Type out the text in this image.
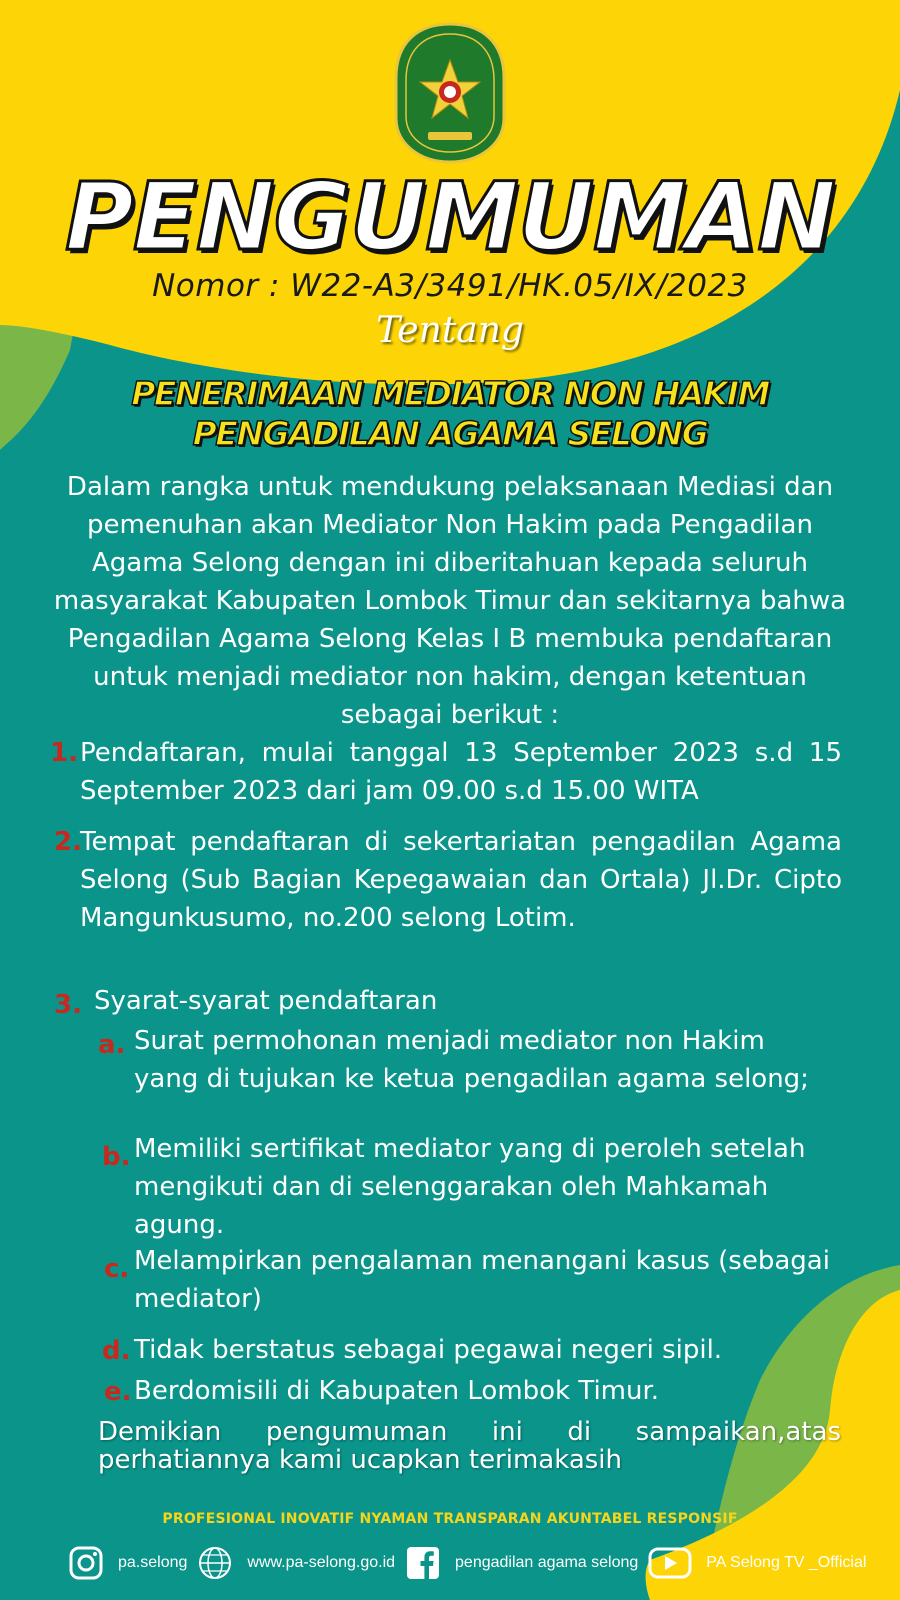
PENGUMUMAN
Nomor : W22-A3/3491/HK.05/IX/2023
Tentang
PENERIMAAN MEDIATOR NON HAKIM
PENGADILAN AGAMA SELONG
Dalam rangka untuk mendukung pelaksanaan Mediasi dan pemenuhan akan Mediator Non Hakim pada Pengadilan Agama Selong dengan ini diberitahuan kepada seluruh masyarakat Kabupaten Lombok Timur dan sekitarnya bahwa Pengadilan Agama Selong Kelas I B membuka pendaftaran untuk menjadi mediator non hakim, dengan ketentuan sebagai berikut :
1. Pendaftaran, mulai tanggal 13 September 2023 s.d 15 September 2023 dari jam 09.00 s.d 15.00 WITA
2.
Tempat pendaftaran di sekertariatan pengadilan Agama Selong (Sub Bagian Kepegawaian dan Ortala) Jl.Dr. Cipto Mangunkusumo, no.200 selong Lotim.
3. Syarat-syarat pendaftaran
a. Surat permohonan menjadi mediator non Hakim yang di tujukan ke ketua pengadilan agama selong;
b. Memiliki sertifikat mediator yang di peroleh setelah mengikuti dan di selenggarakan oleh Mahkamah agung.
c. Melampirkan pengalaman menangani kasus (sebagai mediator)
d. Tidak berstatus sebagai pegawai negeri sipil.
e. Berdomisili di Kabupaten Lombok Timur.
Demikian pengumuman ini di sampaikan,atas perhatiannya kami ucapkan terimakasih
PROFESIONAL INOVATIF NYAMAN TRANSPARAN AKUNTABEL RESPONSIF
pa.selong	www.pa-selong.go.id	pengadilan agama selong	PA Selong TV _Official
